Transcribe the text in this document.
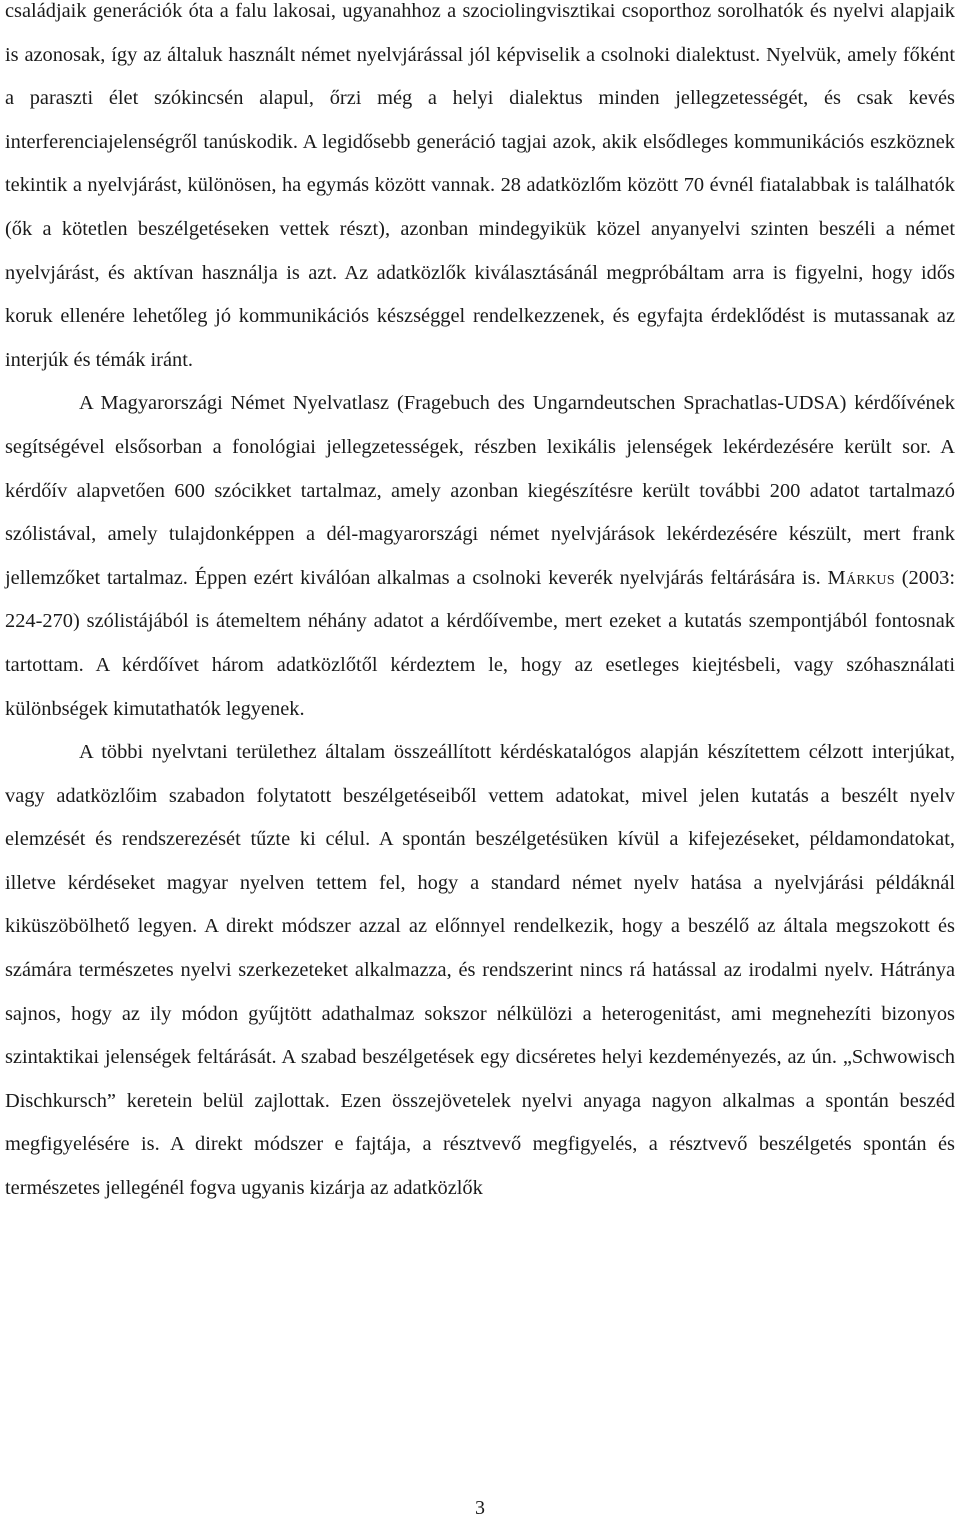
családjaik generációk óta a falu lakosai, ugyanahhoz a szociolingvisztikai csoporthoz sorolhatók és nyelvi alapjaik is azonosak, így az általuk használt német nyelvjárással jól képviselik a csolnoki dialektust. Nyelvük, amely főként a paraszti élet szókincsén alapul, őrzi még a helyi dialektus minden jellegzetességét, és csak kevés interferenciajelenségről tanúskodik. A legidősebb generáció tagjai azok, akik elsődleges kommunikációs eszköznek tekintik a nyelvjárást, különösen, ha egymás között vannak. 28 adatközlőm között 70 évnél fiatalabbak is találhatók (ők a kötetlen beszélgetéseken vettek részt), azonban mindegyikük közel anyanyelvi szinten beszéli a német nyelvjárást, és aktívan használja is azt. Az adatközlők kiválasztásánál megpróbáltam arra is figyelni, hogy idős koruk ellenére lehetőleg jó kommunikációs készséggel rendelkezzenek, és egyfajta érdeklődést is mutassanak az interjúk és témák iránt.

A Magyarországi Német Nyelvatlasz (Fragebuch des Ungarndeutschen Sprachatlas-UDSA) kérdőívének segítségével elsősorban a fonológiai jellegzetességek, részben lexikális jelenségek lekérdezésére került sor. A kérdőív alapvetően 600 szócikket tartalmaz, amely azonban kiegészítésre került további 200 adatot tartalmazó szólistával, amely tulajdonképpen a dél-magyarországi német nyelvjárások lekérdezésére készült, mert frank jellemzőket tartalmaz. Éppen ezért kiválóan alkalmas a csolnoki keverék nyelvjárás feltárására is. Márkus (2003: 224-270) szólistájából is átemeltem néhány adatot a kérdőívembe, mert ezeket a kutatás szempontjából fontosnak tartottam. A kérdőívet három adatközlőtől kérdeztem le, hogy az esetleges kiejtésbeli, vagy szóhasználati különbségek kimutathatók legyenek.

A többi nyelvtani területhez általam összeállított kérdéskatalógos alapján készítettem célzott interjúkat, vagy adatközlőim szabadon folytatott beszélgetéseiből vettem adatokat, mivel jelen kutatás a beszélt nyelv elemzését és rendszerezését tűzte ki célul. A spontán beszélgetésüken kívül a kifejezéseket, példamondatokat, illetve kérdéseket magyar nyelven tettem fel, hogy a standard német nyelv hatása a nyelvjárási példáknál kiküszöbölhető legyen. A direkt módszer azzal az előnnyel rendelkezik, hogy a beszélő az általa megszokott és számára természetes nyelvi szerkezeteket alkalmazza, és rendszerint nincs rá hatással az irodalmi nyelv. Hátránya sajnos, hogy az ily módon gyűjtött adathalmaz sokszor nélkülözi a heterogenitást, ami megnehezíti bizonyos szintaktikai jelenségek feltárását. A szabad beszélgetések egy dicséretes helyi kezdeményezés, az ún. „Schwowisch Dischkursch” keretein belül zajlottak. Ezen összejövetelek nyelvi anyaga nagyon alkalmas a spontán beszéd megfigyelésére is. A direkt módszer e fajtája, a résztvevő megfigyelés, a résztvevő beszélgetés spontán és természetes jellegénél fogva ugyanis kizárja az adatközlők

3
